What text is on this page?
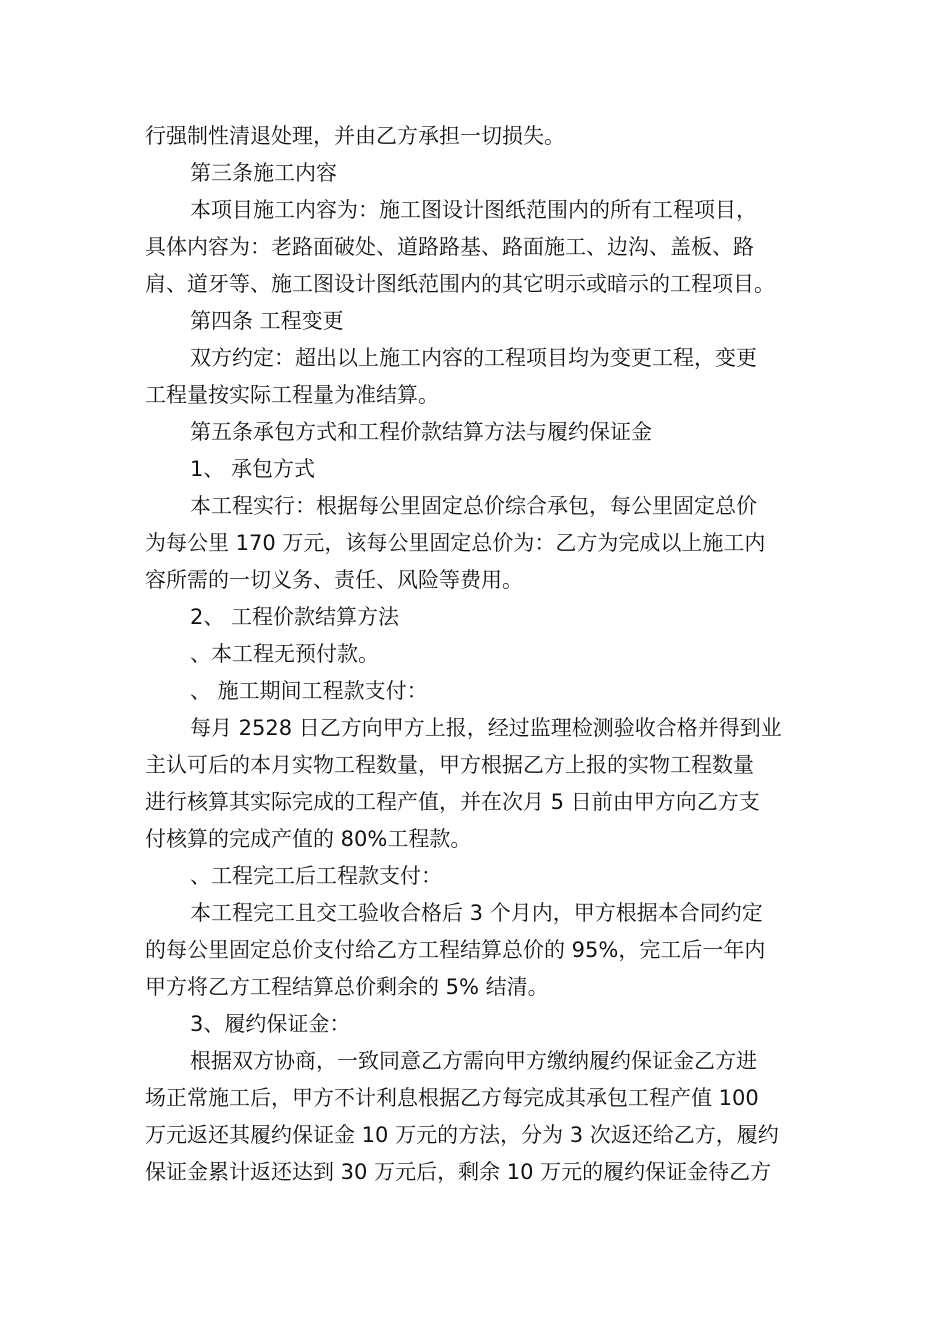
行强制性清退处理，并由乙方承担一切损失。
第三条施工内容
本项目施工内容为：施工图设计图纸范围内的所有工程项目，
具体内容为：老路面破处、道路路基、路面施工、边沟、盖板、路
肩、道牙等、施工图设计图纸范围内的其它明示或暗示的工程项目。
第四条 工程变更
双方约定：超出以上施工内容的工程项目均为变更工程，变更
工程量按实际工程量为准结算。
第五条承包方式和工程价款结算方法与履约保证金
1、 承包方式
本工程实行：根据每公里固定总价综合承包，每公里固定总价
为每公里 170 万元，该每公里固定总价为：乙方为完成以上施工内
容所需的一切义务、责任、风险等费用。
2、 工程价款结算方法
、本工程无预付款。
、 施工期间工程款支付：
每月 2528 日乙方向甲方上报，经过监理检测验收合格并得到业
主认可后的本月实物工程数量，甲方根据乙方上报的实物工程数量
进行核算其实际完成的工程产值，并在次月 5 日前由甲方向乙方支
付核算的完成产值的 80%工程款。
、工程完工后工程款支付：
本工程完工且交工验收合格后 3 个月内，甲方根据本合同约定
的每公里固定总价支付给乙方工程结算总价的 95%，完工后一年内
甲方将乙方工程结算总价剩余的 5% 结清。
3、履约保证金：
根据双方协商，一致同意乙方需向甲方缴纳履约保证金乙方进
场正常施工后，甲方不计利息根据乙方每完成其承包工程产值 100
万元返还其履约保证金 10 万元的方法，分为 3 次返还给乙方，履约
保证金累计返还达到 30 万元后，剩余 10 万元的履约保证金待乙方
